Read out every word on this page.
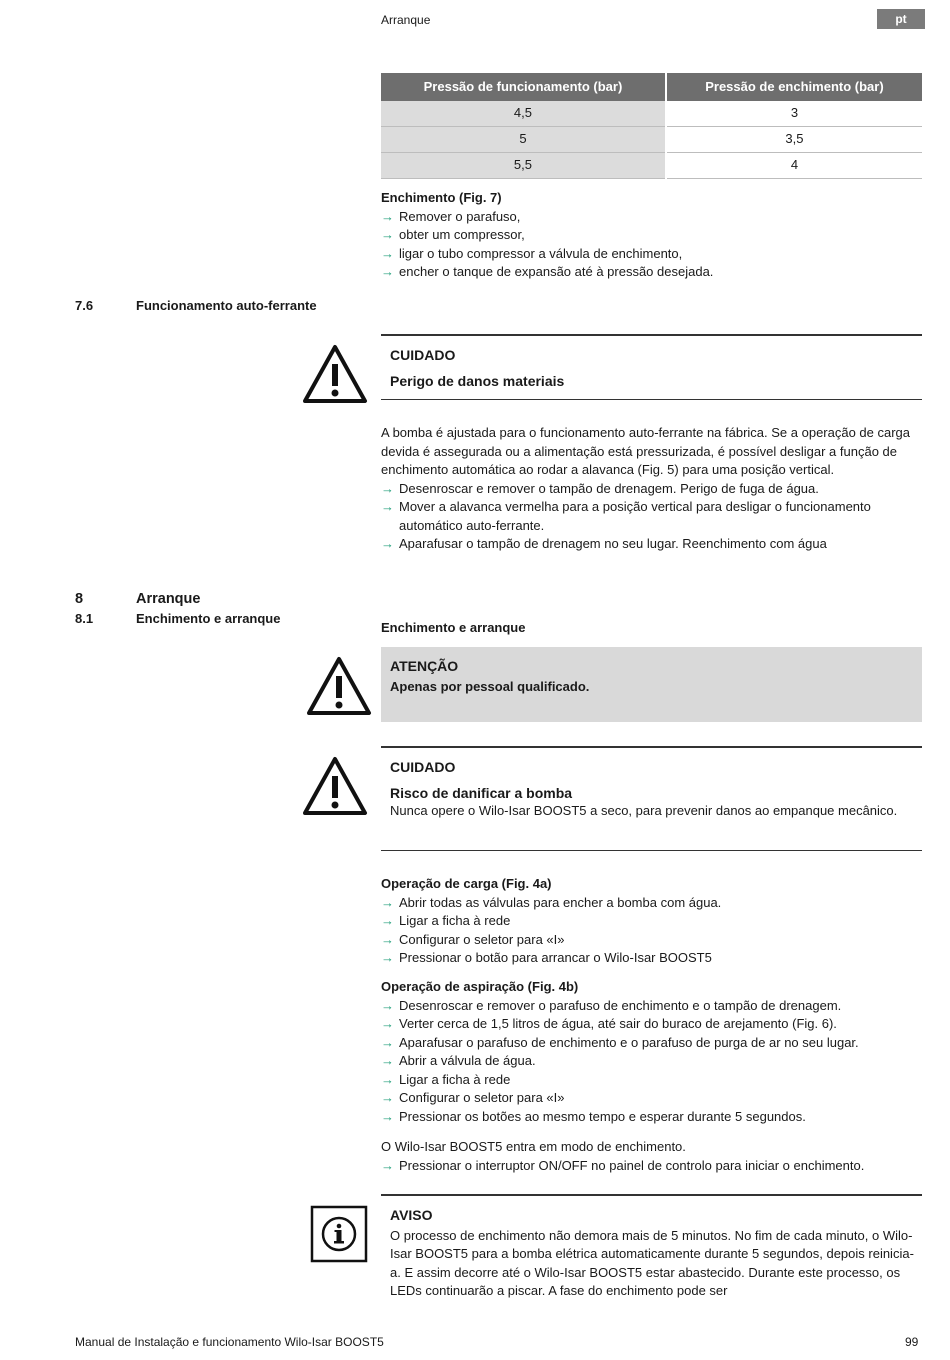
Arranque	pt
Pressão de funcionamento (bar)	Pressão de enchimento (bar)
4,5	3
5	3,5
5,5	4
Enchimento (Fig. 7)
→ Remover o parafuso,
→ obter um compressor,
→ ligar o tubo compressor a válvula de enchimento,
→ encher o tanque de expansão até à pressão desejada.
7.6	Funcionamento auto-ferrante
CUIDADO
Perigo de danos materiais
A bomba é ajustada para o funcionamento auto-ferrante na fábrica. Se a operação de carga devida é assegurada ou a alimentação está pressurizada, é possível desligar a função de enchimento automática ao rodar a alavanca (Fig. 5) para uma posição vertical.
→ Desenroscar e remover o tampão de drenagem. Perigo de fuga de água.
→ Mover a alavanca vermelha para a posição vertical para desligar o funcionamento automático auto-ferrante.
→ Aparafusar o tampão de drenagem no seu lugar. Reenchimento com água
8	Arranque
8.1	Enchimento e arranque
Enchimento e arranque
ATENÇÃO
Apenas por pessoal qualificado.
CUIDADO
Risco de danificar a bomba
Nunca opere o Wilo-Isar BOOST5 a seco, para prevenir danos ao empanque mecânico.
Operação de carga (Fig. 4a)
→ Abrir todas as válvulas para encher a bomba com água.
→ Ligar a ficha à rede
→ Configurar o seletor para «I»
→ Pressionar o botão para arrancar o Wilo-Isar BOOST5
Operação de aspiração (Fig. 4b)
→ Desenroscar e remover o parafuso de enchimento e o tampão de drenagem.
→ Verter cerca de 1,5 litros de água, até sair do buraco de arejamento (Fig. 6).
→ Aparafusar o parafuso de enchimento e o parafuso de purga de ar no seu lugar.
→ Abrir a válvula de água.
→ Ligar a ficha à rede
→ Configurar o seletor para «I»
→ Pressionar os botões ao mesmo tempo e esperar durante 5 segundos.
O Wilo-Isar BOOST5 entra em modo de enchimento.
→ Pressionar o interruptor ON/OFF no painel de controlo para iniciar o enchimento.
AVISO
O processo de enchimento não demora mais de 5 minutos. No fim de cada minuto, o Wilo-Isar BOOST5 para a bomba elétrica automaticamente durante 5 segundos, depois reinicia-a. E assim decorre até o Wilo-Isar BOOST5 estar abastecido. Durante este processo, os LEDs continuarão a piscar. A fase do enchimento pode ser
Manual de Instalação e funcionamento Wilo-Isar BOOST5	99
